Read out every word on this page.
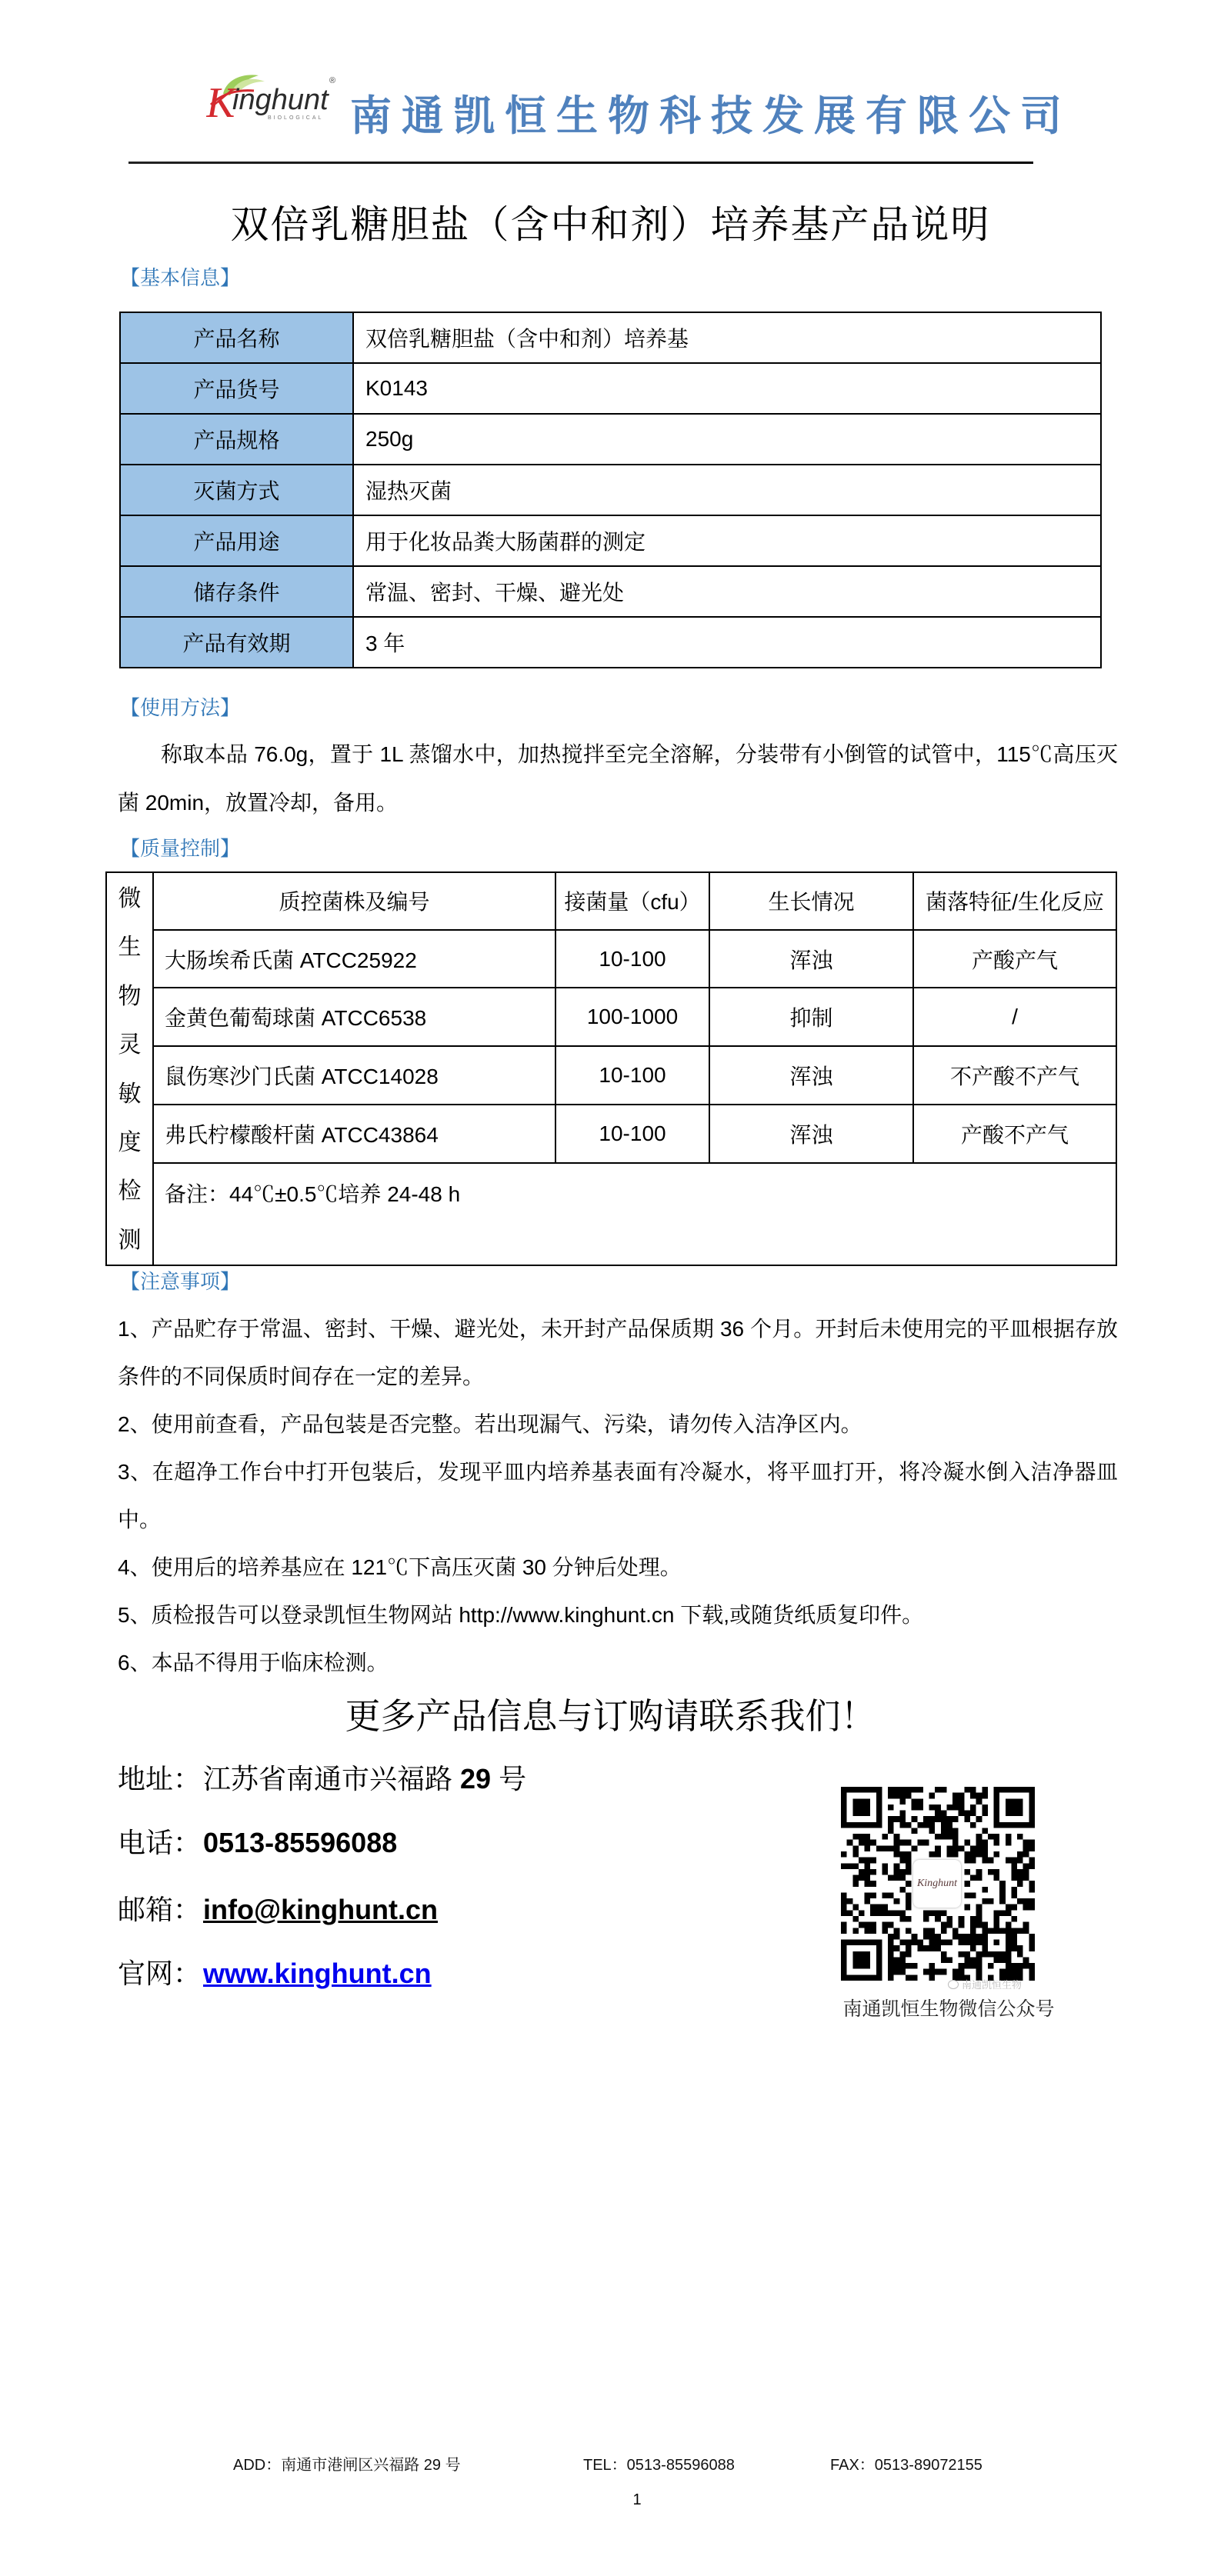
K
inghunt
®
BIOLOGICAL 南通凯恒生物科技发展有限公司
双倍乳糖胆盐（含中和剂）培养基产品说明
【基本信息】
产品名称	双倍乳糖胆盐（含中和剂）培养基
产品货号	K0143
产品规格	250g
灭菌方式	湿热灭菌
产品用途	用于化妆品粪大肠菌群的测定
储存条件	常温、密封、干燥、避光处
产品有效期	3 年
【使用方法】
称取本品 76.0g，置于 1L 蒸馏水中，加热搅拌至完全溶解，分装带有小倒管的试管中，115℃高压灭菌 20min，放置冷却，备用。
【质量控制】
微
生
物
灵
敏
度
检
测
	质控菌株及编号	接菌量（cfu）	生长情况	菌落特征/生化反应
	大肠埃希氏菌 ATCC25922	10-100	浑浊	产酸产气
	金黄色葡萄球菌 ATCC6538	100-1000	抑制	/
	鼠伤寒沙门氏菌 ATCC14028	10-100	浑浊	不产酸不产气
	弗氏柠檬酸杆菌 ATCC43864	10-100	浑浊	产酸不产气
	备注：44℃±0.5℃培养 24-48 h			
【注意事项】
1、产品贮存于常温、密封、干燥、避光处，未开封产品保质期 36 个月。开封后未使用完的平皿根据存放条件的不同保质时间存在一定的差异。
2、使用前查看，产品包装是否完整。若出现漏气、污染，请勿传入洁净区内。
3、在超净工作台中打开包装后，发现平皿内培养基表面有冷凝水，将平皿打开，将冷凝水倒入洁净器皿中。
4、使用后的培养基应在 121℃下高压灭菌 30 分钟后处理。
5、质检报告可以登录凯恒生物网站 http://www.kinghunt.cn 下载,或随货纸质复印件。
6、本品不得用于临床检测。
更多产品信息与订购请联系我们！
地址：江苏省南通市兴福路 29 号
电话：0513-85596088
邮箱：info@kinghunt.cn
官网：www.kinghunt.cn
Kinghunt
南通凯恒生物
南通凯恒生物微信公众号
ADD：南通市港闸区兴福路 29 号	TEL：0513-85596088	FAX：0513-89072155
1
